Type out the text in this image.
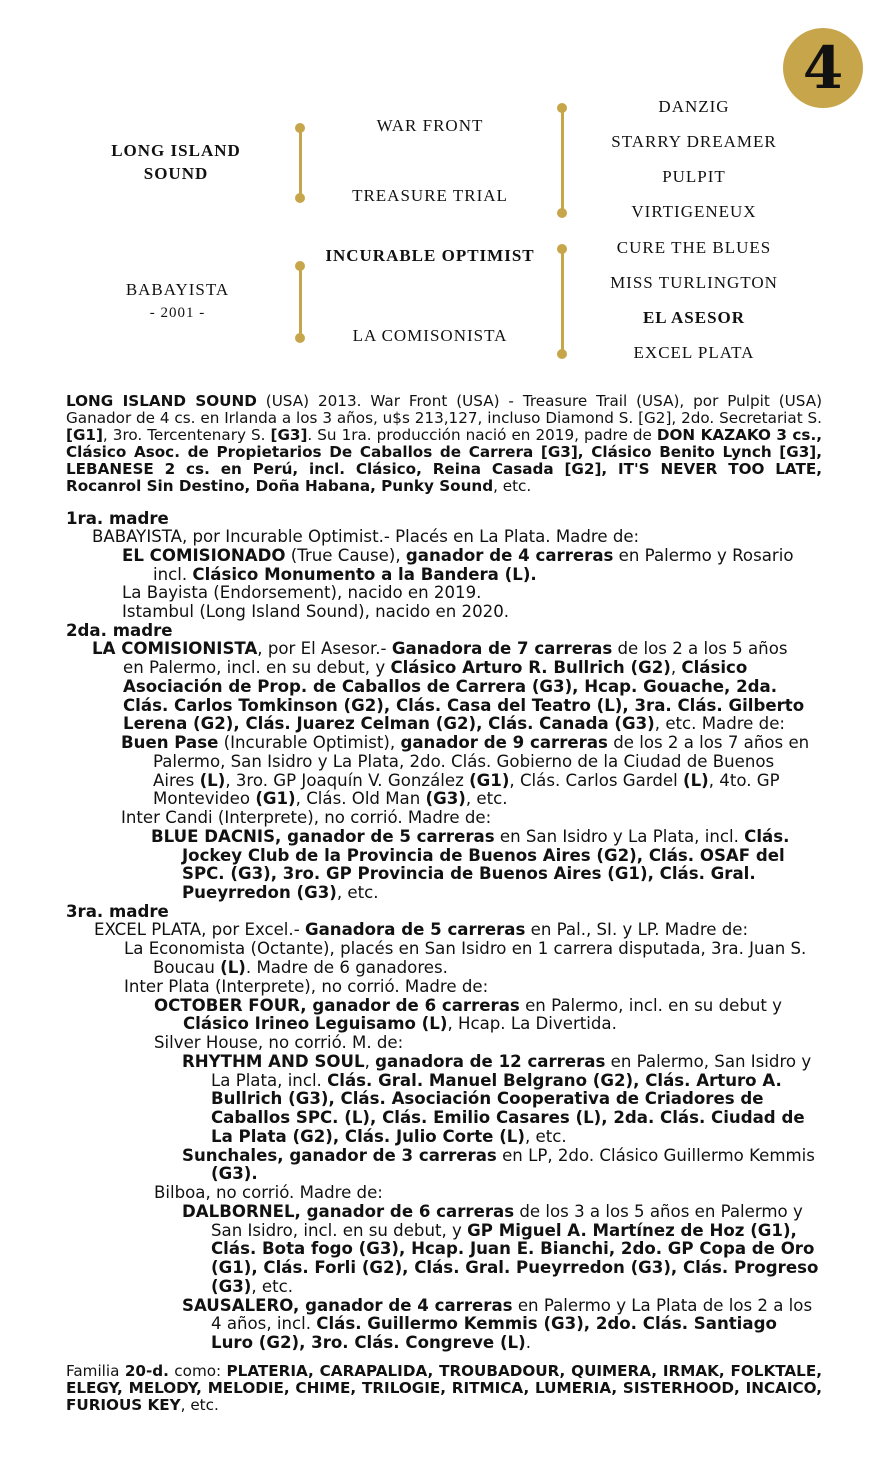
4
LONG ISLAND SOUND
BABAYISTA
- 2001 -
WAR FRONT
TREASURE TRIAL
INCURABLE OPTIMIST
LA COMISONISTA
DANZIG
STARRY DREAMER
PULPIT
VIRTIGENEUX
CURE THE BLUES
MISS TURLINGTON
EL ASESOR
EXCEL PLATA
LONG ISLAND SOUND (USA) 2013. War Front (USA) - Treasure Trail (USA), por Pulpit (USA) Ganador de 4 cs. en Irlanda a los 3 años, u$s 213,127, incluso Diamond S. [G2], 2do. Secretariat S. [G1], 3ro. Tercentenary S. [G3]. Su 1ra. producción nació en 2019, padre de DON KAZAKO 3 cs., Clásico Asoc. de Propietarios De Caballos de Carrera [G3], Clásico Benito Lynch [G3], LEBANESE 2 cs. en Perú, incl. Clásico, Reina Casada [G2], IT'S NEVER TOO LATE, Rocanrol Sin Destino, Doña Habana, Punky Sound, etc.
1ra. madre
BABAYISTA, por Incurable Optimist.- Placés en La Plata. Madre de:
EL COMISIONADO (True Cause), ganador de 4 carreras en Palermo y Rosario
incl. Clásico Monumento a la Bandera (L).
La Bayista (Endorsement), nacido en 2019.
Istambul (Long Island Sound), nacido en 2020.
2da. madre
LA COMISIONISTA, por El Asesor.- Ganadora de 7 carreras de los 2 a los 5 años
en Palermo, incl. en su debut, y Clásico Arturo R. Bullrich (G2), Clásico
Asociación de Prop. de Caballos de Carrera (G3), Hcap. Gouache, 2da.
Clás. Carlos Tomkinson (G2), Clás. Casa del Teatro (L), 3ra. Clás. Gilberto
Lerena (G2), Clás. Juarez Celman (G2), Clás. Canada (G3), etc. Madre de:
Buen Pase (Incurable Optimist), ganador de 9 carreras de los 2 a los 7 años en
Palermo, San Isidro y La Plata, 2do. Clás. Gobierno de la Ciudad de Buenos
Aires (L), 3ro. GP Joaquín V. González (G1), Clás. Carlos Gardel (L), 4to. GP
Montevideo (G1), Clás. Old Man (G3), etc.
Inter Candi (Interprete), no corrió. Madre de:
BLUE DACNIS, ganador de 5 carreras en San Isidro y La Plata, incl. Clás.
Jockey Club de la Provincia de Buenos Aires (G2), Clás. OSAF del
SPC. (G3), 3ro. GP Provincia de Buenos Aires (G1), Clás. Gral.
Pueyrredon (G3), etc.
3ra. madre
EXCEL PLATA, por Excel.- Ganadora de 5 carreras en Pal., SI. y LP. Madre de:
La Economista (Octante), placés en San Isidro en 1 carrera disputada, 3ra. Juan S.
Boucau (L). Madre de 6 ganadores.
Inter Plata (Interprete), no corrió. Madre de:
OCTOBER FOUR, ganador de 6 carreras en Palermo, incl. en su debut y
Clásico Irineo Leguisamo (L), Hcap. La Divertida.
Silver House, no corrió. M. de:
RHYTHM AND SOUL, ganadora de 12 carreras en Palermo, San Isidro y
La Plata, incl. Clás. Gral. Manuel Belgrano (G2), Clás. Arturo A.
Bullrich (G3), Clás. Asociación Cooperativa de Criadores de
Caballos SPC. (L), Clás. Emilio Casares (L), 2da. Clás. Ciudad de
La Plata (G2), Clás. Julio Corte (L), etc.
Sunchales, ganador de 3 carreras en LP, 2do. Clásico Guillermo Kemmis
(G3).
Bilboa, no corrió. Madre de:
DALBORNEL, ganador de 6 carreras de los 3 a los 5 años en Palermo y
San Isidro, incl. en su debut, y GP Miguel A. Martínez de Hoz (G1),
Clás. Bota fogo (G3), Hcap. Juan E. Bianchi, 2do. GP Copa de Oro
(G1), Clás. Forli (G2), Clás. Gral. Pueyrredon (G3), Clás. Progreso
(G3), etc.
SAUSALERO, ganador de 4 carreras en Palermo y La Plata de los 2 a los
4 años, incl. Clás. Guillermo Kemmis (G3), 2do. Clás. Santiago
Luro (G2), 3ro. Clás. Congreve (L).
Familia 20-d. como: PLATERIA, CARAPALIDA, TROUBADOUR, QUIMERA, IRMAK, FOLKTALE, ELEGY, MELODY, MELODIE, CHIME, TRILOGIE, RITMICA, LUMERIA, SISTERHOOD, INCAICO, FURIOUS KEY, etc.
